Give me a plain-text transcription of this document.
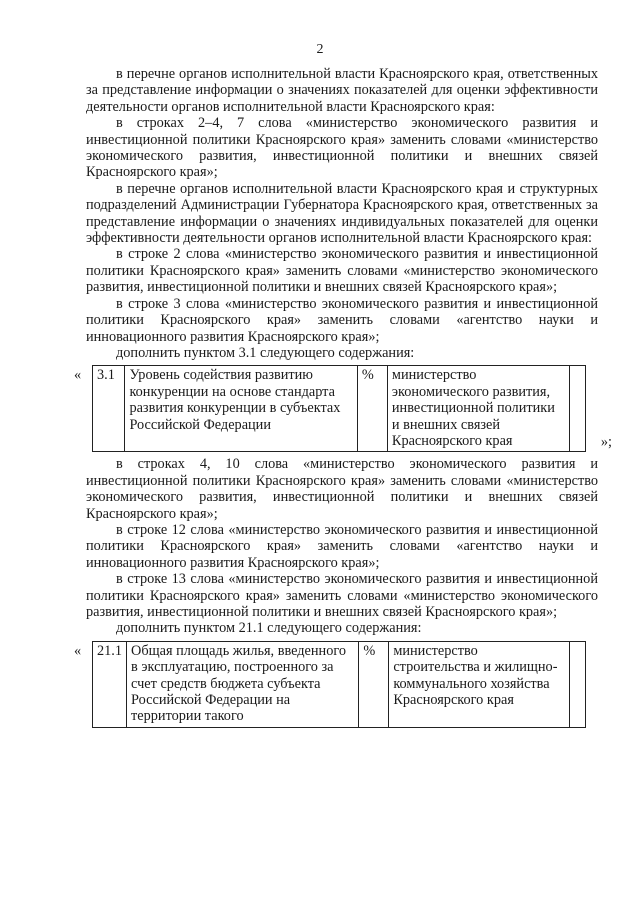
2

в перечне органов исполнительной власти Красноярского края, ответственных за представление информации о значениях показателей для оценки эффективности деятельности органов исполнительной власти Красноярского края:

в строках 2–4, 7 слова «министерство экономического развития и инвестиционной политики Красноярского края» заменить словами «министерство экономического развития, инвестиционной политики и внешних связей Красноярского края»;

в перечне органов исполнительной власти Красноярского края и структурных подразделений Администрации Губернатора Красноярского края, ответственных за представление информации о значениях индивидуальных показателей для оценки эффективности деятельности органов исполнительной власти Красноярского края:

в строке 2 слова «министерство экономического развития и инвестиционной политики Красноярского края» заменить словами «министерство экономического развития, инвестиционной политики и внешних связей Красноярского края»;

в строке 3 слова «министерство экономического развития и инвестиционной политики Красноярского края» заменить словами «агентство науки и инновационного развития Красноярского края»;

дополнить пунктом 3.1 следующего содержания:

« 3.1	Уровень содействия развитию конкуренции на основе стандарта развития конкуренции в субъектах Российской Федерации	%	министерство экономического развития, инвестиционной политики и внешних связей Красноярского края		»;

в строках 4, 10 слова «министерство экономического развития и инвестиционной политики Красноярского края» заменить словами «министерство экономического развития, инвестиционной политики и внешних связей Красноярского края»;

в строке 12 слова «министерство экономического развития и инвестиционной политики Красноярского края» заменить словами «агентство науки и инновационного развития Красноярского края»;

в строке 13 слова «министерство экономического развития и инвестиционной политики Красноярского края» заменить словами «министерство экономического развития, инвестиционной политики и внешних связей Красноярского края»;

дополнить пунктом 21.1 следующего содержания:

« 21.1	Общая площадь жилья, введенного в эксплуатацию, построенного за счет средств бюджета субъекта Российской Федерации на территории такого	%	министерство строительства и жилищно-коммунального хозяйства Красноярского края	
